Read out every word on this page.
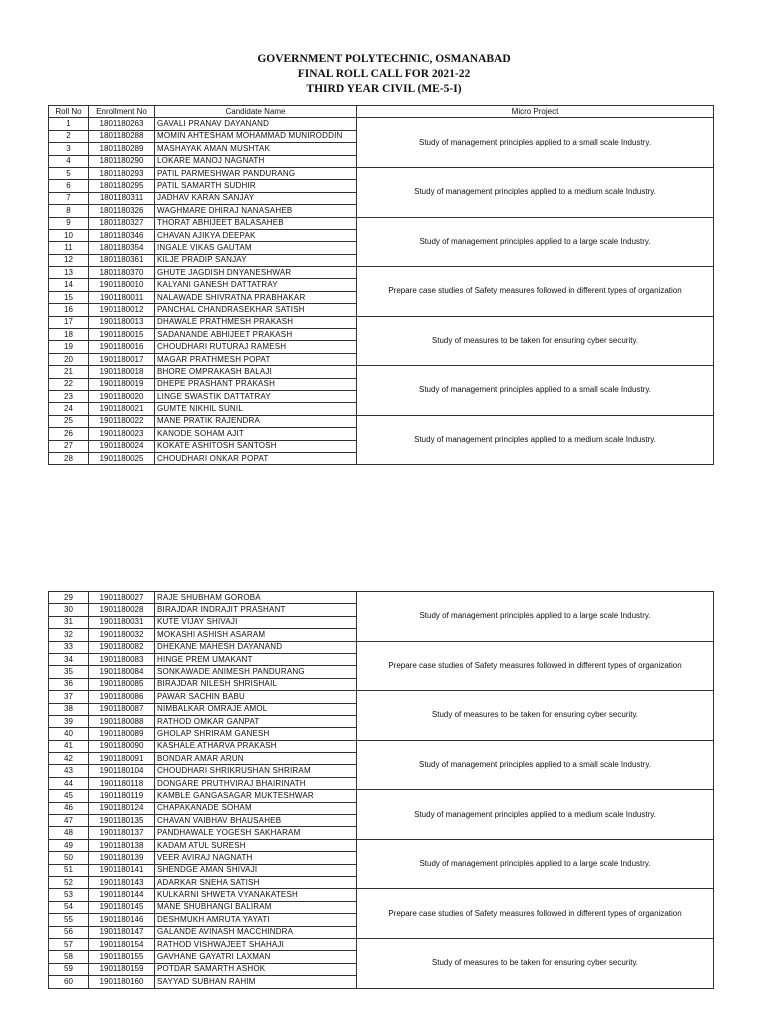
GOVERNMENT POLYTECHNIC, OSMANABAD
FINAL ROLL CALL FOR 2021-22
THIRD YEAR CIVIL (ME-5-I)
Roll No	Enrollment No	Candidate Name	Micro Project
1	1801180263	GAVALI PRANAV DAYANAND	Study of management principles applied to a small scale Industry.
2	1801180288	MOMIN AHTESHAM MOHAMMAD MUNIRODDIN	
3	1801180289	MASHAYAK AMAN MUSHTAK	
4	1801180290	LOKARE MANOJ NAGNATH	
5	1801180293	PATIL PARMESHWAR PANDURANG	Study of management principles applied to a medium scale Industry.
6	1801180295	PATIL SAMARTH SUDHIR	
7	1801180311	JADHAV KARAN SANJAY	
8	1801180326	WAGHMARE DHIRAJ NANASAHEB	
9	1801180327	THORAT ABHIJEET BALASAHEB	Study of management principles applied to a large scale Industry.
10	1801180346	CHAVAN AJIKYA DEEPAK	
11	1801180354	INGALE VIKAS GAUTAM	
12	1801180361	KILJE PRADIP SANJAY	
13	1801180370	GHUTE JAGDISH DNYANESHWAR	Prepare case studies of Safety measures followed in different types of organization
14	1901180010	KALYANI GANESH DATTATRAY	
15	1901180011	NALAWADE SHIVRATNA PRABHAKAR	
16	1901180012	PANCHAL CHANDRASEKHAR SATISH	
17	1901180013	DHAWALE PRATHMESH PRAKASH	Study of measures to be taken for ensuring cyber security.
18	1901180015	SADANANDE ABHIJEET PRAKASH	
19	1901180016	CHOUDHARI RUTURAJ RAMESH	
20	1901180017	MAGAR PRATHMESH POPAT	
21	1901180018	BHORE OMPRAKASH BALAJI	Study of management principles applied to a small scale Industry.
22	1901180019	DHEPE PRASHANT PRAKASH	
23	1901180020	LINGE SWASTIK DATTATRAY	
24	1901180021	GUMTE NIKHIL SUNIL	
25	1901180022	MANE PRATIK RAJENDRA	Study of management principles applied to a medium scale Industry.
26	1901180023	KANODE SOHAM AJIT	
27	1901180024	KOKATE ASHITOSH SANTOSH	
28	1901180025	CHOUDHARI ONKAR POPAT	
29	1901180027	RAJE SHUBHAM GOROBA	Study of management principles applied to a large scale Industry.
30	1901180028	BIRAJDAR INDRAJIT PRASHANT	
31	1901180031	KUTE VIJAY SHIVAJI	
32	1901180032	MOKASHI ASHISH ASARAM	
33	1901180082	DHEKANE MAHESH DAYANAND	Prepare case studies of Safety measures followed in different types of organization
34	1901180083	HINGE PREM UMAKANT	
35	1901180084	SONKAWADE ANIMESH PANDURANG	
36	1901180085	BIRAJDAR NILESH SHRISHAIL	
37	1901180086	PAWAR SACHIN BABU	Study of measures to be taken for ensuring cyber security.
38	1901180087	NIMBALKAR OMRAJE AMOL	
39	1901180088	RATHOD OMKAR GANPAT	
40	1901180089	GHOLAP SHRIRAM GANESH	
41	1901180090	KASHALE ATHARVA PRAKASH	Study of management principles applied to a small scale Industry.
42	1901180091	BONDAR AMAR ARUN	
43	1901180104	CHOUDHARI SHRIKRUSHAN SHRIRAM	
44	1901180118	DONGARE PRUTHVIRAJ BHAIRINATH	
45	1901180119	KAMBLE GANGASAGAR MUKTESHWAR	Study of management principles applied to a medium scale Industry.
46	1901180124	CHAPAKANADE SOHAM	
47	1901180135	CHAVAN VAIBHAV BHAUSAHEB	
48	1901180137	PANDHAWALE YOGESH SAKHARAM	
49	1901180138	KADAM ATUL SURESH	Study of management principles applied to a large scale Industry.
50	1901180139	VEER AVIRAJ NAGNATH	
51	1901180141	SHENDGE AMAN SHIVAJI	
52	1901180143	ADARKAR SNEHA SATISH	
53	1901180144	KULKARNI SHWETA VYANAKATESH	Prepare case studies of Safety measures followed in different types of organization
54	1901180145	MANE SHUBHANGI BALIRAM	
55	1901180146	DESHMUKH AMRUTA YAYATI	
56	1901180147	GALANDE AVINASH MACCHINDRA	
57	1901180154	RATHOD VISHWAJEET SHAHAJI	Study of measures to be taken for ensuring cyber security.
58	1901180155	GAVHANE GAYATRI LAXMAN	
59	1901180159	POTDAR SAMARTH ASHOK	
60	1901180160	SAYYAD SUBHAN RAHIM	
